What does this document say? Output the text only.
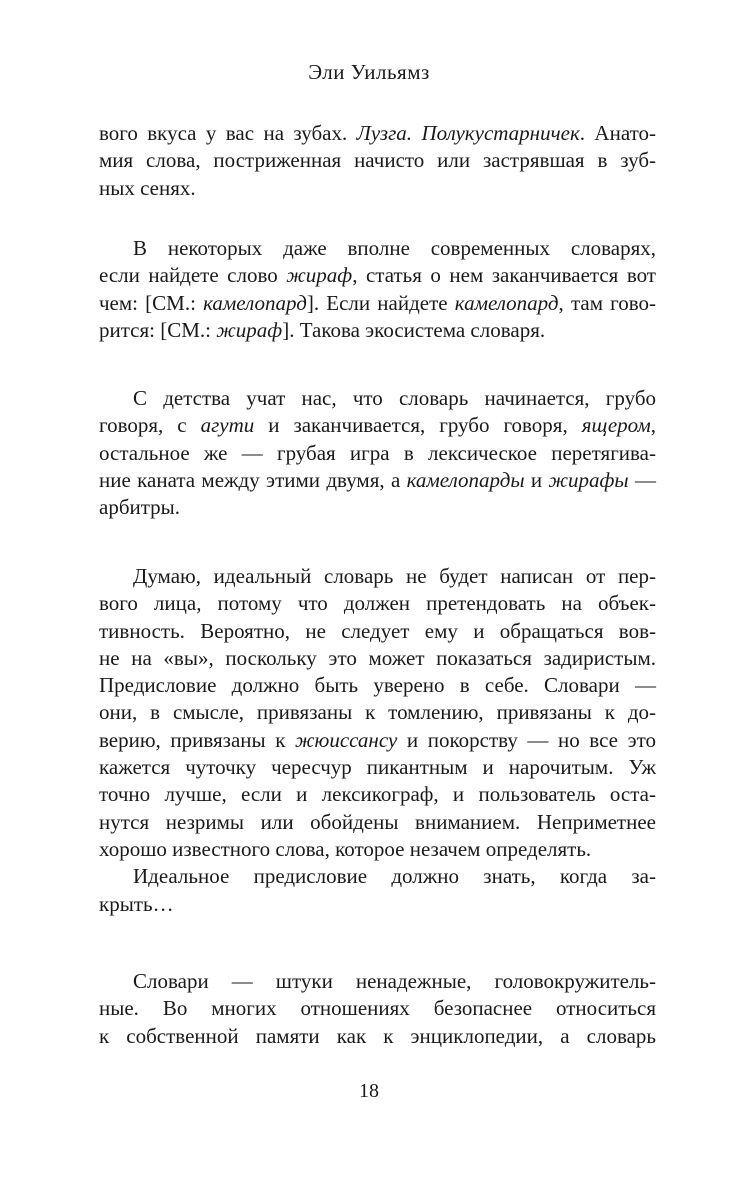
Эли Уильямз
вого вкуса у вас на зубах. Лузга. Полукустарничек. Анато-
мия слова, постриженная начисто или застрявшая в зуб-
ных сенях.
В некоторых даже вполне современных словарях,
если найдете слово жираф, статья о нем заканчивается вот
чем: [СМ.: камелопард]. Если найдете камелопард, там гово-
рится: [СМ.: жираф]. Такова экосистема словаря.
С детства учат нас, что словарь начинается, грубо
говоря, с агути и заканчивается, грубо говоря, ящером,
остальное же — грубая игра в лексическое перетягива-
ние каната между этими двумя, а камелопарды и жирафы —
арбитры.
Думаю, идеальный словарь не будет написан от пер-
вого лица, потому что должен претендовать на объек-
тивность. Вероятно, не следует ему и обращаться вов-
не на «вы», поскольку это может показаться задиристым.
Предисловие должно быть уверено в себе. Словари —
они, в смысле, привязаны к томлению, привязаны к до-
верию, привязаны к жюиссансу и покорству — но все это
кажется чуточку чересчур пикантным и нарочитым. Уж
точно лучше, если и лексикограф, и пользователь оста-
нутся незримы или обойдены вниманием. Неприметнее
хорошо известного слова, которое незачем определять.
Идеальное предисловие должно знать, когда за-
крыть…
Словари — штуки ненадежные, головокружитель-
ные. Во многих отношениях безопаснее относиться
к собственной памяти как к энциклопедии, а словарь
18
